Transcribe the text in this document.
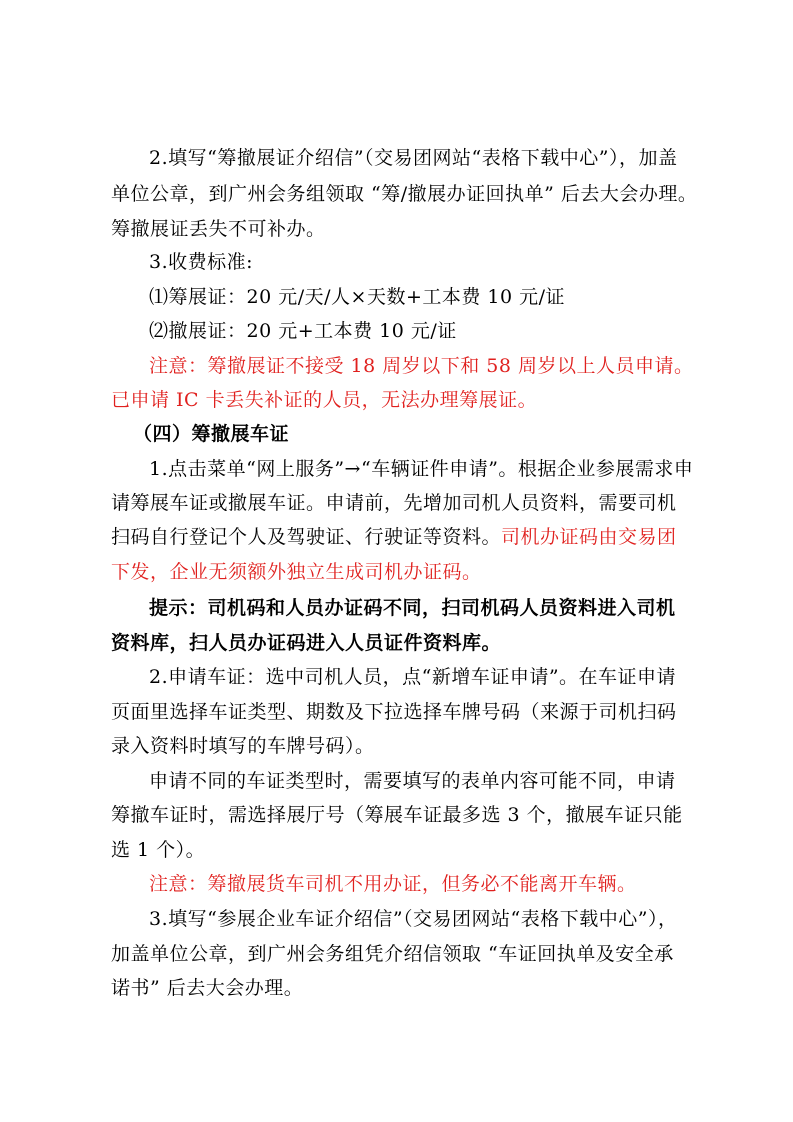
2.填写“筹撤展证介绍信”（交易团网站“表格下载中心”），加盖
单位公章，到广州会务组领取 “筹/撤展办证回执单” 后去大会办理。
筹撤展证丢失不可补办。
3.收费标准:
⑴筹展证：20 元/天/人×天数+工本费 10 元/证
⑵撤展证：20 元+工本费 10 元/证
注意：筹撤展证不接受 18 周岁以下和 58 周岁以上人员申请。
已申请 IC 卡丢失补证的人员，无法办理筹展证。
（四）筹撤展车证
1.点击菜单“网上服务”→“车辆证件申请”。根据企业参展需求申
请筹展车证或撤展车证。申请前，先增加司机人员资料，需要司机
扫码自行登记个人及驾驶证、行驶证等资料。司机办证码由交易团
下发，企业无须额外独立生成司机办证码。
提示：司机码和人员办证码不同，扫司机码人员资料进入司机
资料库，扫人员办证码进入人员证件资料库。
2.申请车证：选中司机人员，点“新增车证申请”。在车证申请
页面里选择车证类型、期数及下拉选择车牌号码（来源于司机扫码
录入资料时填写的车牌号码）。
申请不同的车证类型时，需要填写的表单内容可能不同，申请
筹撤车证时，需选择展厅号（筹展车证最多选 3 个，撤展车证只能
选 1 个）。
注意：筹撤展货车司机不用办证，但务必不能离开车辆。
3.填写“参展企业车证介绍信”（交易团网站“表格下载中心”），
加盖单位公章，到广州会务组凭介绍信领取 “车证回执单及安全承
诺书” 后去大会办理。
